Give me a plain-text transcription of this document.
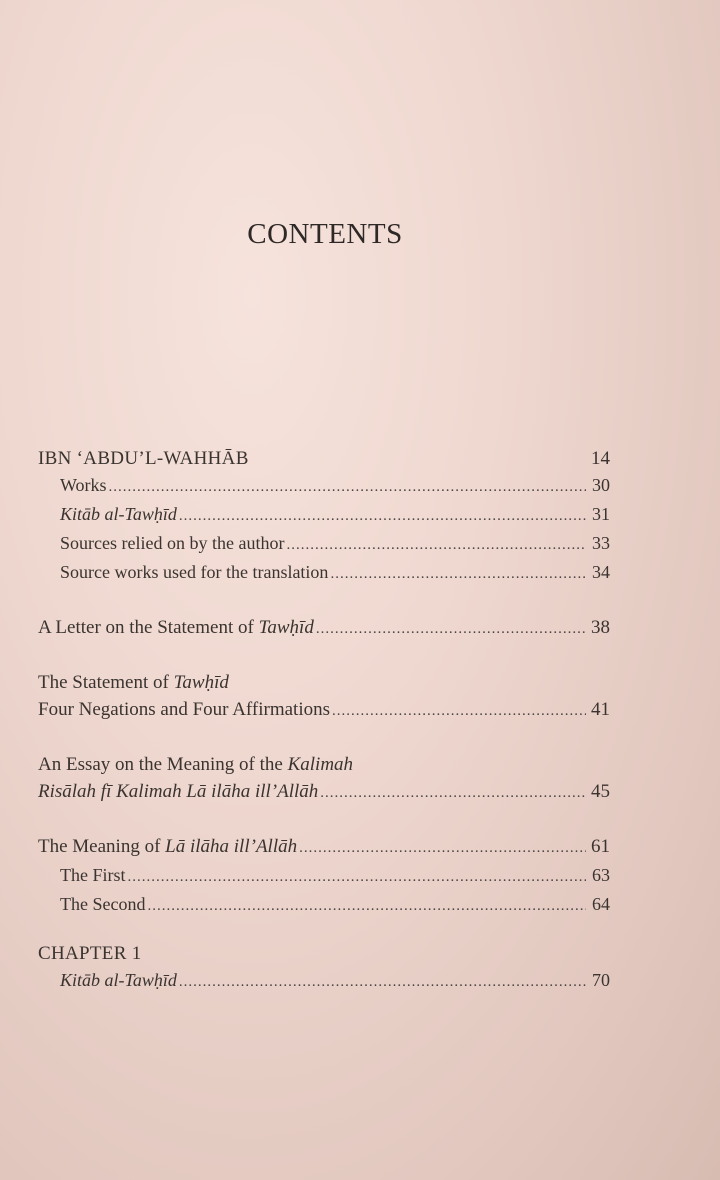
CONTENTS
IBN ‘ABDU’L-WAHHĀB	14
Works .....	30
Kitāb al-Tawḥīd .....	31
Sources relied on by the author .....	33
Source works used for the translation .....	34
A Letter on the Statement of Tawḥīd .....	38
The Statement of Tawḥīd
Four Negations and Four Affirmations .....	41
An Essay on the Meaning of the Kalimah
Risālah fī Kalimah Lā ilāha ill’Allāh .....	45
The Meaning of Lā ilāha ill’Allāh .....	61
The First .....	63
The Second .....	64
CHAPTER 1
Kitāb al-Tawḥīd .....	70
